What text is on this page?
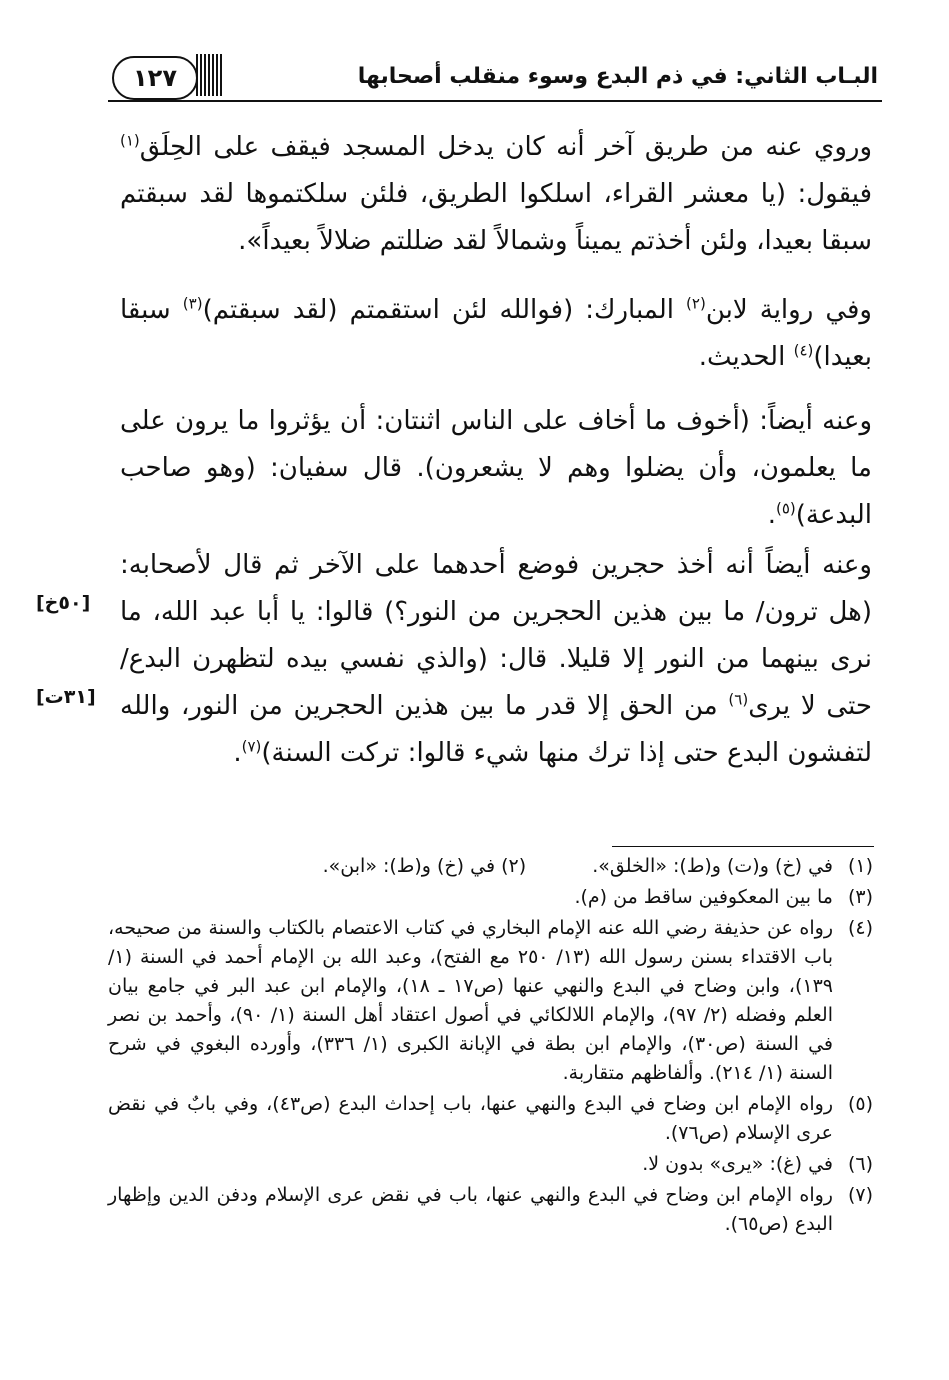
١٢٧	البـاب الثاني: في ذم البدع وسوء منقلب أصحابها

وروي عنه من طريق آخر أنه كان يدخل المسجد فيقف على الحِلَق$^{(١)}$ فيقول: (يا معشر القراء، اسلكوا الطريق، فلئن سلكتموها لقد سبقتم سبقا بعيدا، ولئن أخذتم يميناً وشمالاً لقد ضللتم ضلالاً بعيداً».

وفي رواية لابن$^{(٢)}$ المبارك: (فوالله لئن استقمتم (لقد سبقتم)$^{(٣)}$ سبقا بعيدا)$^{(٤)}$ الحديث.

وعنه أيضاً: (أخوف ما أخاف على الناس اثنتان: أن يؤثروا ما يرون على ما يعلمون، وأن يضلوا وهم لا يشعرون). قال سفيان: (وهو صاحب البدعة)$^{(٥)}$.

وعنه أيضاً أنه أخذ حجرين فوضع أحدهما على الآخر ثم قال لأصحابه: (هل ترون/ ما بين هذين الحجرين من النور؟) قالوا: يا أبا عبد الله، ما نرى بينهما من النور إلا قليلا. قال: (والذي نفسي بيده لتظهرن البدع/ حتى لا يرى$^{(٦)}$ من الحق إلا قدر ما بين هذين الحجرين من النور، والله لتفشون البدع حتى إذا ترك منها شيء قالوا: تركت السنة)$^{(٧)}$.

[٥٠خ]
[٣١ت]
(١)
في (خ) و(ت) و(ط): «الخلق». (٢) في (خ) و(ط): «ابن».
(٣)
ما بين المعكوفين ساقط من (م).
(٤)
رواه عن حذيفة رضي الله عنه الإمام البخاري في كتاب الاعتصام بالكتاب والسنة من صحيحه، باب الاقتداء بسنن رسول الله (١٣/ ٢٥٠ مع الفتح)، وعبد الله بن الإمام أحمد في السنة (١/ ١٣٩)، وابن وضاح في البدع والنهي عنها (ص١٧ ـ ١٨)، والإمام ابن عبد البر في جامع بيان العلم وفضله (٢/ ٩٧)، والإمام اللالكائي في أصول اعتقاد أهل السنة (١/ ٩٠)، وأحمد بن نصر في السنة (ص٣٠)، والإمام ابن بطة في الإبانة الكبرى (١/ ٣٣٦)، وأورده البغوي في شرح السنة (١/ ٢١٤). وألفاظهم متقاربة.
(٥)
رواه الإمام ابن وضاح في البدع والنهي عنها، باب إحداث البدع (ص٤٣)، وفي بابٌ في نقض عرى الإسلام (ص٧٦).
(٦)
في (غ): «يرى» بدون لا.
(٧)
رواه الإمام ابن وضاح في البدع والنهي عنها، باب في نقض عرى الإسلام ودفن الدين وإظهار البدع (ص٦٥).
